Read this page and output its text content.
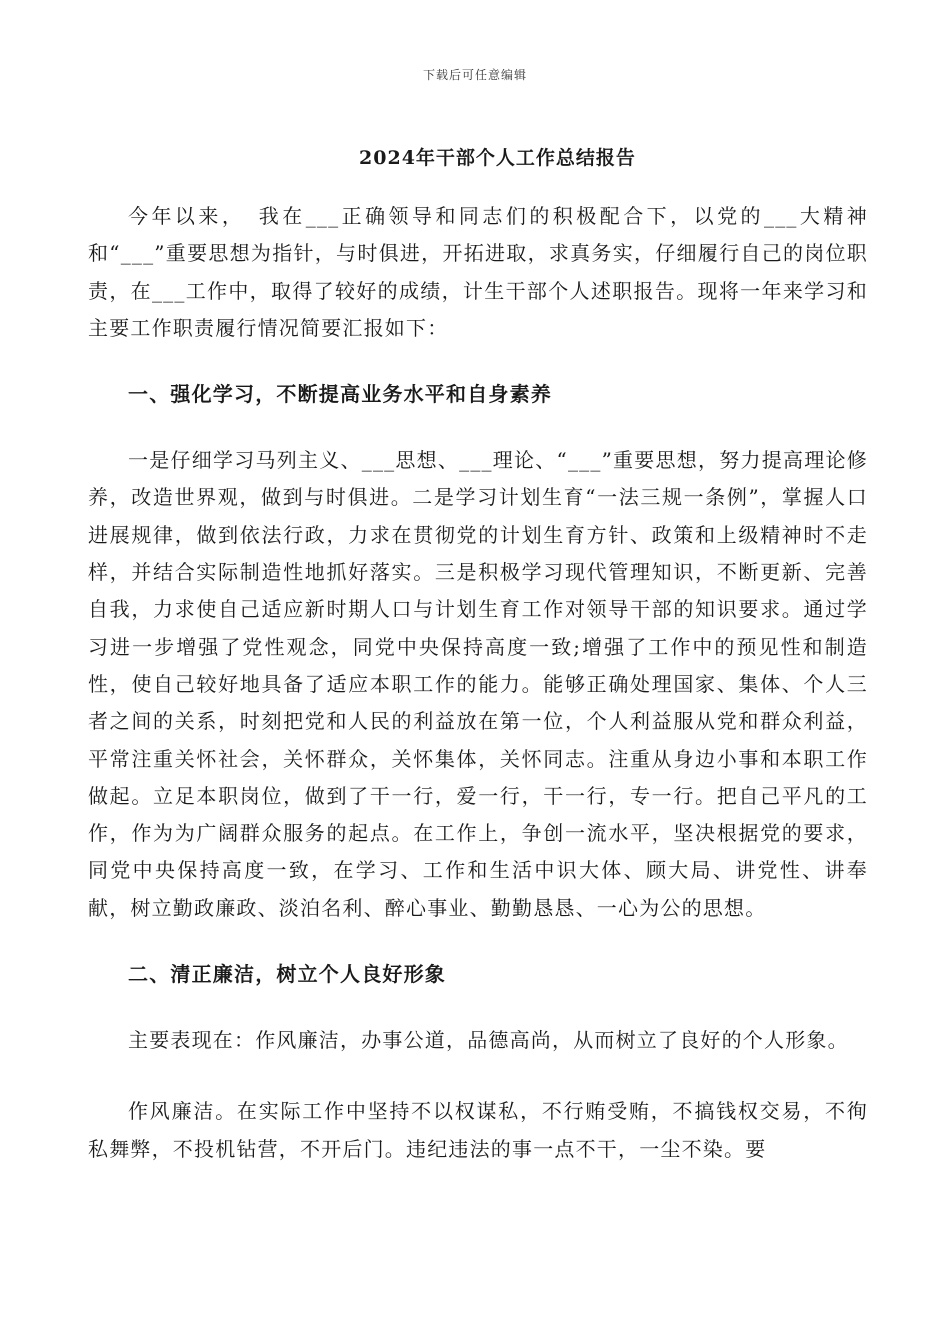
下载后可任意编辑
2024年干部个人工作总结报告

今年以来，　我在___正确领导和同志们的积极配合下，以党的___大精神和“___”重要思想为指针，与时俱进，开拓进取，求真务实，仔细履行自己的岗位职责，在___工作中，取得了较好的成绩，计生干部个人述职报告。现将一年来学习和主要工作职责履行情况简要汇报如下：

一、强化学习，不断提高业务水平和自身素养

一是仔细学习马列主义、___思想、___理论、“___”重要思想，努力提高理论修养，改造世界观，做到与时俱进。二是学习计划生育“一法三规一条例”，掌握人口进展规律，做到依法行政，力求在贯彻党的计划生育方针、政策和上级精神时不走样，并结合实际制造性地抓好落实。三是积极学习现代管理知识，不断更新、完善自我，力求使自己适应新时期人口与计划生育工作对领导干部的知识要求。通过学习进一步增强了党性观念，同党中央保持高度一致;增强了工作中的预见性和制造性，使自己较好地具备了适应本职工作的能力。能够正确处理国家、集体、个人三者之间的关系，时刻把党和人民的利益放在第一位，个人利益服从党和群众利益，平常注重关怀社会，关怀群众，关怀集体，关怀同志。注重从身边小事和本职工作做起。立足本职岗位，做到了干一行，爱一行，干一行，专一行。把自己平凡的工作，作为为广阔群众服务的起点。在工作上，争创一流水平，坚决根据党的要求，同党中央保持高度一致，在学习、工作和生活中识大体、顾大局、讲党性、讲奉献，树立勤政廉政、淡泊名利、醉心事业、勤勤恳恳、一心为公的思想。

二、清正廉洁，树立个人良好形象

主要表现在：作风廉洁，办事公道，品德高尚，从而树立了良好的个人形象。

作风廉洁。在实际工作中坚持不以权谋私，不行贿受贿，不搞钱权交易，不徇私舞弊，不投机钻营，不开后门。违纪违法的事一点不干，一尘不染。要
